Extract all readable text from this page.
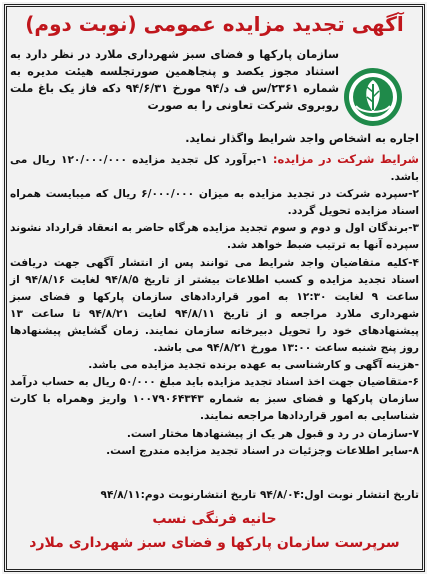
آگهی تجدید مزایده عمومی (نوبت دوم)
سازمان پارکها و فضای سبز شهرداری ملارد در نظر دارد به استناد مجوز یکصد و پنجاهمین صورتجلسه هیئت مدیره به شماره ۲۳۶۱/س ف د/۹۴ مورخ ۹۴/۶/۳۱ دکه فاز یک باغ ملت روبروی شرکت تعاونی را به صورت
اجاره به اشخاص واجد شرایط واگذار نماید.

شرایط شرکت در مزایده: ۱-برآورد کل تجدید مزایده ۱۲۰/۰۰۰/۰۰۰ ریال می باشد.

۲-سپرده شرکت در تجدید مزایده به میزان ۶/۰۰۰/۰۰۰ ریال که میبایست همراه اسناد مزایده تحویل گردد.

۳-برندگان اول و دوم و سوم تجدید مزایده هرگاه حاضر به انعقاد قرارداد نشوند سپرده آنها به ترتیب ضبط خواهد شد.

۴-کلیه متقاضیان واجد شرایط می توانند پس از انتشار آگهی جهت دریافت اسناد تجدید مزایده و کسب اطلاعات بیشتر از تاریخ ۹۴/۸/۵ لغایت ۹۴/۸/۱۶ از ساعت ۹ لغایت ۱۲:۳۰ به امور قراردادهای سازمان پارکها و فضای سبز شهرداری ملارد مراجعه و از تاریخ ۹۴/۸/۱۱ لغایت ۹۴/۸/۲۱ تا ساعت ۱۳ پیشنهادهای خود را تحویل دبیرخانه سازمان نمایند. زمان گشایش پیشنهادها روز پنج شنبه ساعت ۱۳:۰۰ مورخ ۹۴/۸/۲۱ می باشد.

-هزینه آگهی و کارشناسی به عهده برنده تجدید مزایده می باشد.

۶-متقاضیان جهت اخذ اسناد تجدید مزایده باید مبلغ ۵۰/۰۰۰ ریال به حساب درآمد سازمان پارکها و فضای سبز به شماره ۱۰۰۷۹۰۶۴۳۴۳ واریز وهمراه با کارت شناسایی به امور قراردادها مراجعه نمایند.

۷-سازمان در رد و قبول هر یک از پیشنهادها مختار است.

۸-سایر اطلاعات وجزئیات در اسناد تجدید مزایده مندرج است.

تاریخ انتشار نوبت اول:۹۴/۸/۰۴ تاریخ انتشارنوبت دوم:۹۴/۸/۱۱
حانیه فرنگی نسب
سرپرست سازمان پارکها و فضای سبز شهرداری ملارد
